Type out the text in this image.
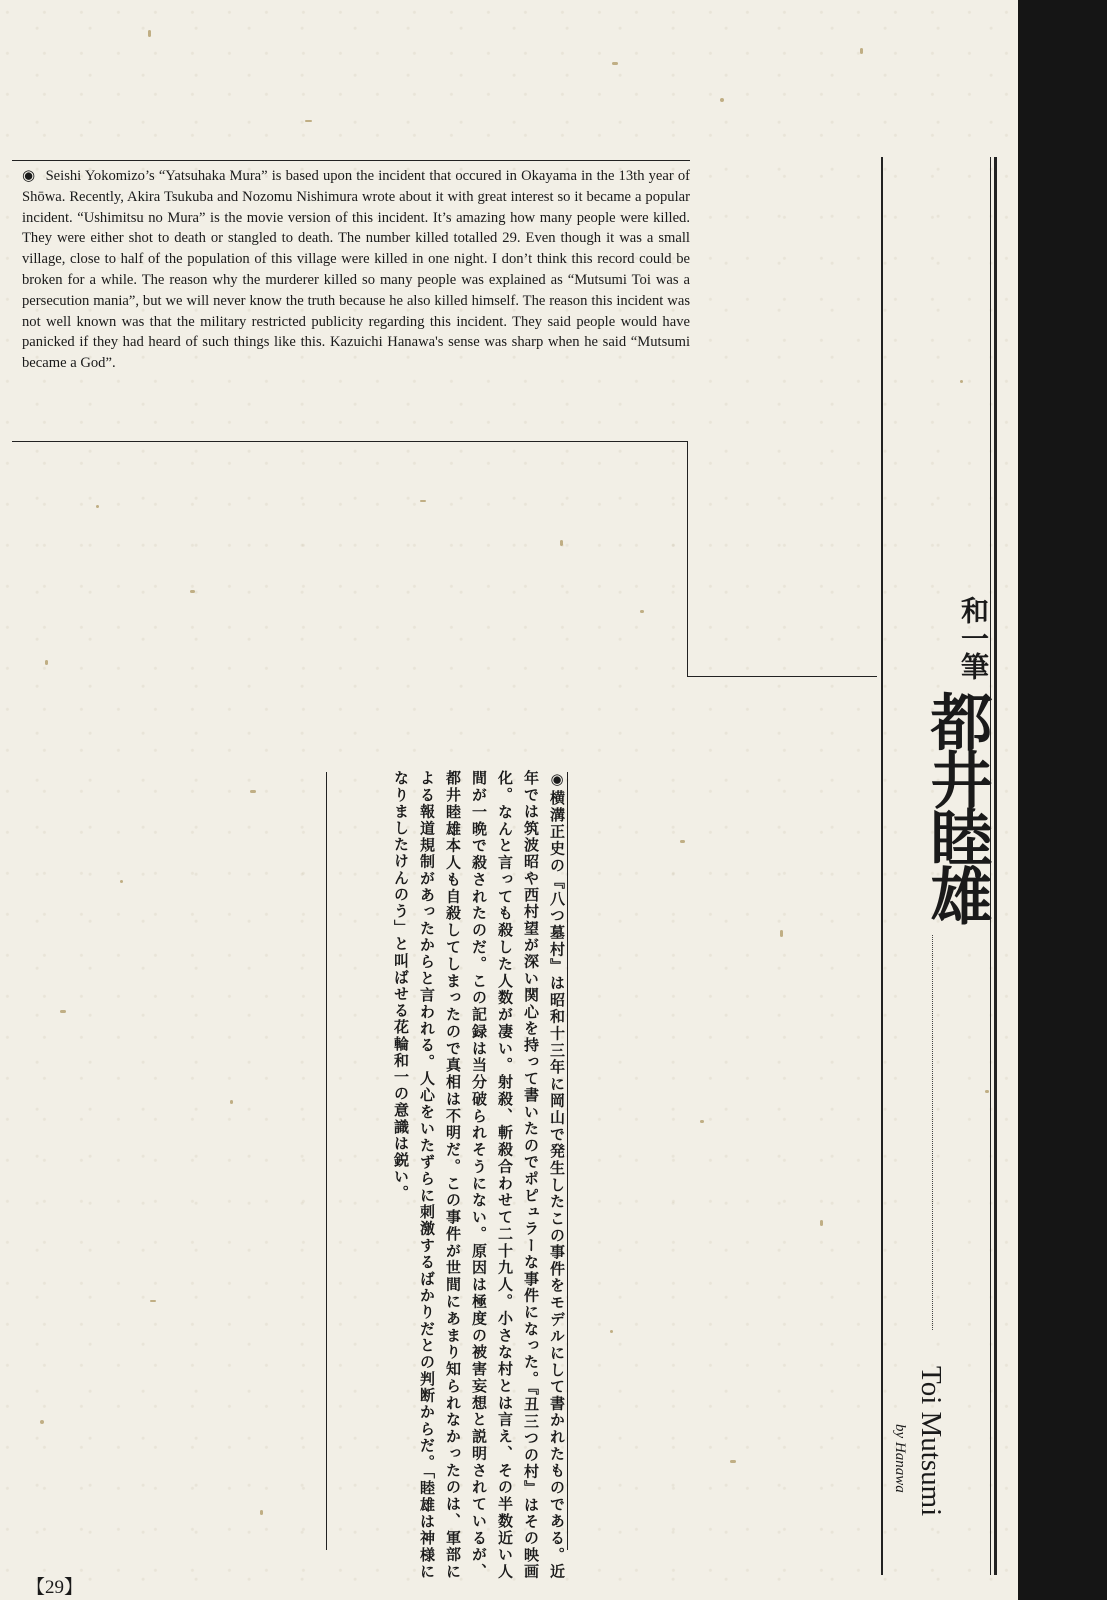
◉ Seishi Yokomizo’s “Yatsuhaka Mura” is based upon the incident that occured in Okayama in the 13th year of Shōwa. Recently, Akira Tsukuba and Nozomu Nishimura wrote about it with great interest so it became a popular incident. “Ushimitsu no Mura” is the movie version of this incident. It’s amazing how many people were killed. They were either shot to death or stangled to death. The number killed totalled 29. Even though it was a small village, close to half of the population of this village were killed in one night. I don’t think this record could be broken for a while. The reason why the murderer killed so many people was explained as “Mutsumi Toi was a persecution mania”, but we will never know the truth because he also killed himself. The reason this incident was not well known was that the military restricted publicity regarding this incident. They said people would have panicked if they had heard of such things like this. Kazuichi Hanawa's sense was sharp when he said “Mutsumi became a God”.
和一筆
都井睦雄
Toi Mutsumi
by Hanawa
◉横溝正史の『八つ墓村』は昭和十三年に岡山で発生したこの事件をモデルにして書かれたものである。近年では筑波昭や西村望が深い関心を持って書いたのでポピュラーな事件になった。『丑三つの村』はその映画化。なんと言っても殺した人数が凄い。射殺、斬殺合わせて二十九人。小さな村とは言え、その半数近い人間が一晩で殺されたのだ。この記録は当分破られそうにない。原因は極度の被害妄想と説明されているが、都井睦雄本人も自殺してしまったので真相は不明だ。この事件が世間にあまり知られなかったのは、軍部による報道規制があったからと言われる。人心をいたずらに刺激するばかりだとの判断からだ。「睦雄は神様になりましたけんのう」と叫ばせる花輪和一の意識は鋭い。
【29】
